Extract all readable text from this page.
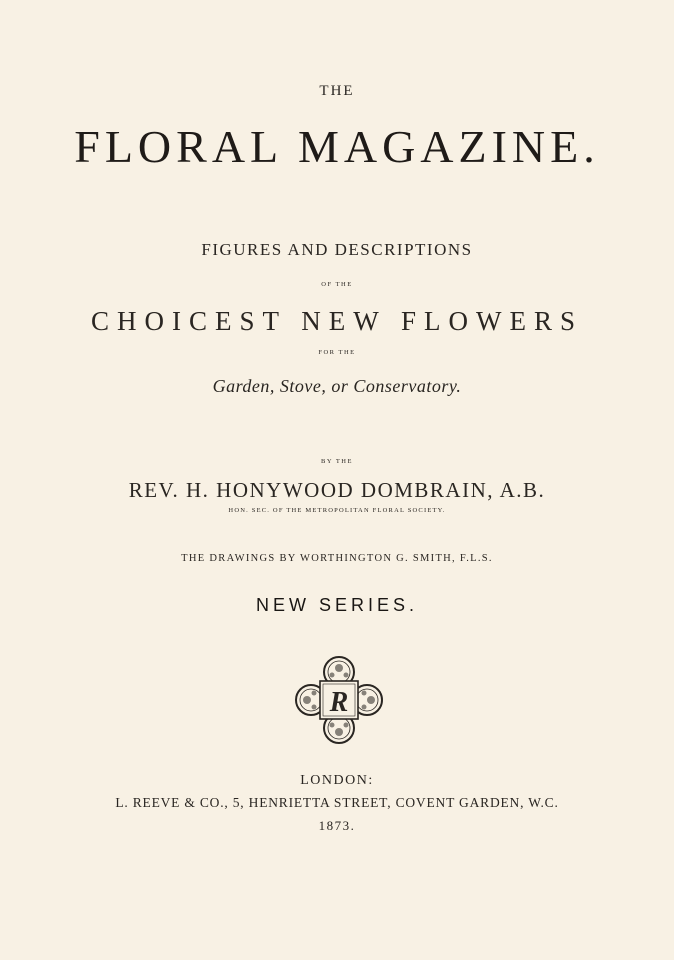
THE
FLORAL MAGAZINE.
FIGURES AND DESCRIPTIONS
OF THE
CHOICEST NEW FLOWERS
FOR THE
Garden, Stove, or Conservatory.
BY THE
REV. H. HONYWOOD DOMBRAIN, A.B.
HON. SEC. OF THE METROPOLITAN FLORAL SOCIETY.
THE DRAWINGS BY WORTHINGTON G. SMITH, F.L.S.
NEW SERIES.
R
LONDON:
L. REEVE & CO., 5, HENRIETTA STREET, COVENT GARDEN, W.C.
1873.
